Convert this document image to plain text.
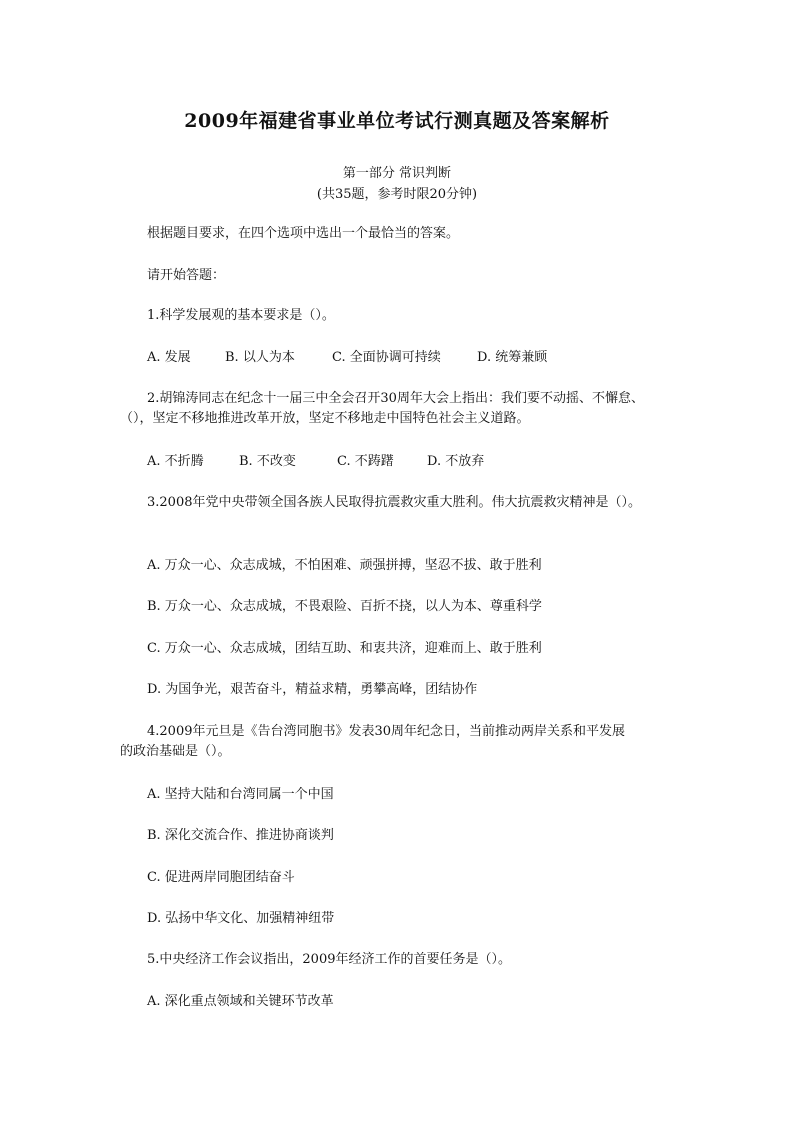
2009年福建省事业单位考试行测真题及答案解析
第一部分 常识判断
(共35题，参考时限20分钟)
根据题目要求，在四个选项中选出一个最恰当的答案。
请开始答题：
1.科学发展观的基本要求是（）。
A. 发展	B. 以人为本	C. 全面协调可持续	D. 统筹兼顾
2.胡锦涛同志在纪念十一届三中全会召开30周年大会上指出：我们要不动摇、不懈怠、
（），坚定不移地推进改革开放，坚定不移地走中国特色社会主义道路。
A. 不折腾	B. 不改变	C. 不踌躇	D. 不放弃
3.2008年党中央带领全国各族人民取得抗震救灾重大胜利。伟大抗震救灾精神是（）。
A. 万众一心、众志成城，不怕困难、顽强拼搏，坚忍不拔、敢于胜利
B. 万众一心、众志成城，不畏艰险、百折不挠，以人为本、尊重科学
C. 万众一心、众志成城，团结互助、和衷共济，迎难而上、敢于胜利
D. 为国争光，艰苦奋斗，精益求精，勇攀高峰，团结协作
4.2009年元旦是《告台湾同胞书》发表30周年纪念日，当前推动两岸关系和平发展
的政治基础是（）。
A. 坚持大陆和台湾同属一个中国
B. 深化交流合作、推进协商谈判
C. 促进两岸同胞团结奋斗
D. 弘扬中华文化、加强精神纽带
5.中央经济工作会议指出，2009年经济工作的首要任务是（）。
A. 深化重点领域和关键环节改革
